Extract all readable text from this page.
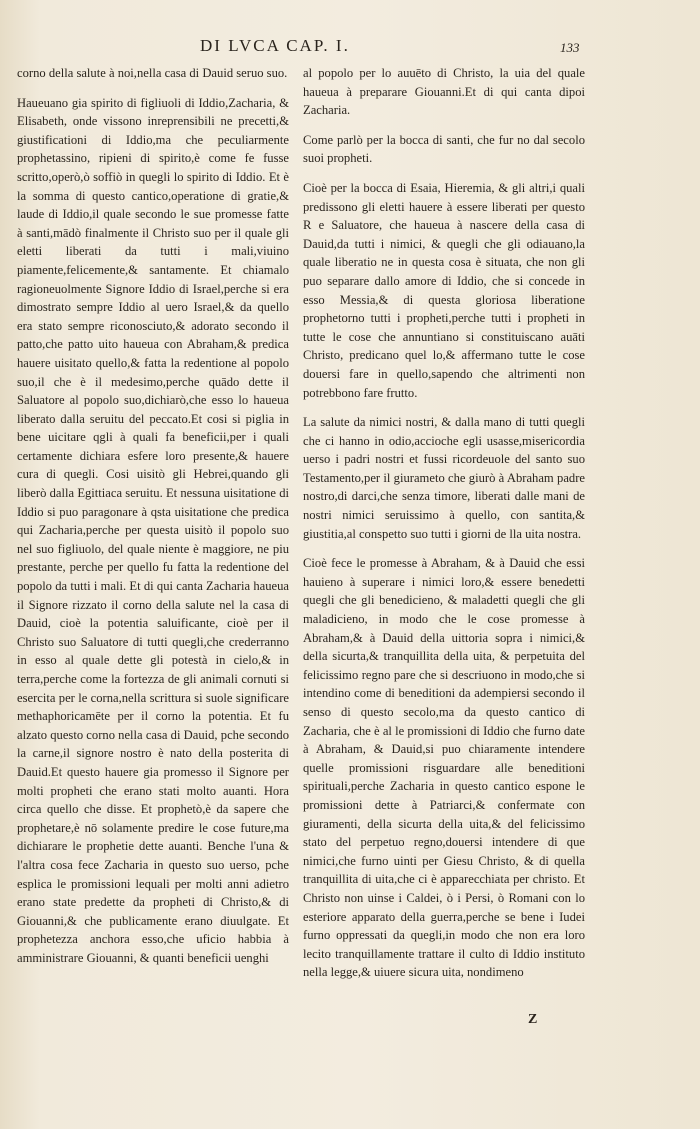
DI LVCA CAP. I.	133

corno della salute à noi,nella casa di Dauid seruo suo.

Haueuano gia spirito di figliuoli di Iddio,Zacharia, & Elisabeth, onde vissono inreprensibili ne precetti,& giustificationi di Iddio,ma che peculiarmente prophetassino, ripieni di spirito,è come fe fusse scritto,operò,ò soffiò in quegli lo spirito di Iddio. Et è la somma di questo cantico,operatione di gratie,& laude di Iddio,il quale secondo le sue promesse fatte à santi,mādò finalmente il Christo suo per il quale gli eletti liberati da tutti i mali,viuino piamente,felicemente,& santamente. Et chiamalo ragioneuolmente Signore Iddio di Israel,perche si era dimostrato sempre Iddio al uero Israel,& da quello era stato sempre riconosciuto,& adorato secondo il patto,che patto uito haueua con Abraham,& predica hauere uisitato quello,& fatta la redentione al popolo suo,il che è il medesimo,perche quādo dette il Saluatore al popolo suo,dichiarò,che esso lo haueua liberato dalla seruitu del peccato.Et cosi si piglia in bene uicitare qgli à quali fa beneficii,per i quali certamente dichiara esfere loro presente,& hauere cura di quegli. Cosi uisitò gli Hebrei,quando gli liberò dalla Egittiaca seruitu. Et nessuna uisitatione di Iddio si puo paragonare à qsta uisitatione che predica qui Zacharia,perche per questa uisitò il popolo suo nel suo figliuolo, del quale niente è maggiore, ne piu prestante, perche per quello fu fatta la redentione del popolo da tutti i mali. Et di qui canta Zacharia haueua il Signore rizzato il corno della salute nel la casa di Dauid, cioè la potentia saluificante, cioè per il Christo suo Saluatore di tutti quegli,che crederranno in esso al quale dette gli potestà in cielo,& in terra,perche come la fortezza de gli animali cornuti si esercita per le corna,nella scrittura si suole significare methaphoricamēte per il corno la potentia. Et fu alzato questo corno nella casa di Dauid, pche secondo la carne,il signore nostro è nato della posterita di Dauid.Et questo hauere gia promesso il Signore per molti propheti che erano stati molto auanti. Hora circa quello che disse. Et prophetò,è da sapere che prophetare,è nō solamente predire le cose future,ma dichiarare le prophetie dette auanti. Benche l'una & l'altra cosa fece Zacharia in questo suo uerso, pche esplica le promissioni lequali per molti anni adietro erano state predette da propheti di Christo,& di Giouanni,& che publicamente erano diuulgate. Et prophetezza anchora esso,che uficio habbia à amministrare Giouanni, & quanti beneficii uenghi

al popolo per lo auuēto di Christo, la uia del quale haueua à preparare Giouanni.Et di qui canta dipoi Zacharia.

Come parlò per la bocca di santi, che fur no dal secolo suoi propheti.

Cioè per la bocca di Esaia, Hieremia, & gli altri,i quali predissono gli eletti hauere à essere liberati per questo R e Saluatore, che haueua à nascere della casa di Dauid,da tutti i nimici, & quegli che gli odiauano,la quale liberatio ne in questa cosa è situata, che non gli puo separare dallo amore di Iddio, che si concede in esso Messia,& di questa gloriosa liberatione prophetorno tutti i propheti,perche tutti i propheti in tutte le cose che annuntiano si constituiscano auāti Christo, predicano quel lo,& affermano tutte le cose douersi fare in quello,sapendo che altrimenti non potrebbono fare frutto.

La salute da nimici nostri, & dalla mano di tutti quegli che ci hanno in odio,accioche egli usasse,misericordia uerso i padri nostri et fussi ricordeuole del santo suo Testamento,per il giurameto che giurò à Abraham padre nostro,di darci,che senza timore, liberati dalle mani de nostri nimici seruissimo à quello, con santita,& giustitia,al conspetto suo tutti i giorni de lla uita nostra.

Cioè fece le promesse à Abraham, & à Dauid che essi hauieno à superare i nimici loro,& essere benedetti quegli che gli benedicieno, & maladetti quegli che gli maladicieno, in modo che le cose promesse à Abraham,& à Dauid della uittoria sopra i nimici,& della sicurta,& tranquillita della uita, & perpetuita del felicissimo regno pare che si descriuono in modo,che si intendino come di beneditioni da adempiersi secondo il senso di questo secolo,ma da questo cantico di Zacharia, che è al le promissioni di Iddio che furno date à Abraham, & Dauid,si puo chiaramente intendere quelle promissioni risguardare alle beneditioni spirituali,perche Zacharia in questo cantico espone le promissioni dette à Patriarci,& confermate con giuramenti, della sicurta della uita,& del felicissimo stato del perpetuo regno,douersi intendere di que nimici,che furno uinti per Giesu Christo, & di quella tranquillita di uita,che ci è apparecchiata per christo. Et Christo non uinse i Caldei, ò i Persi, ò Romani con lo esteriore apparato della guerra,perche se bene i Iudei furno oppressati da quegli,in modo che non era loro lecito tranquillamente trattare il culto di Iddio instituto nella legge,& uiuere sicura uita, nondimeno

Z
